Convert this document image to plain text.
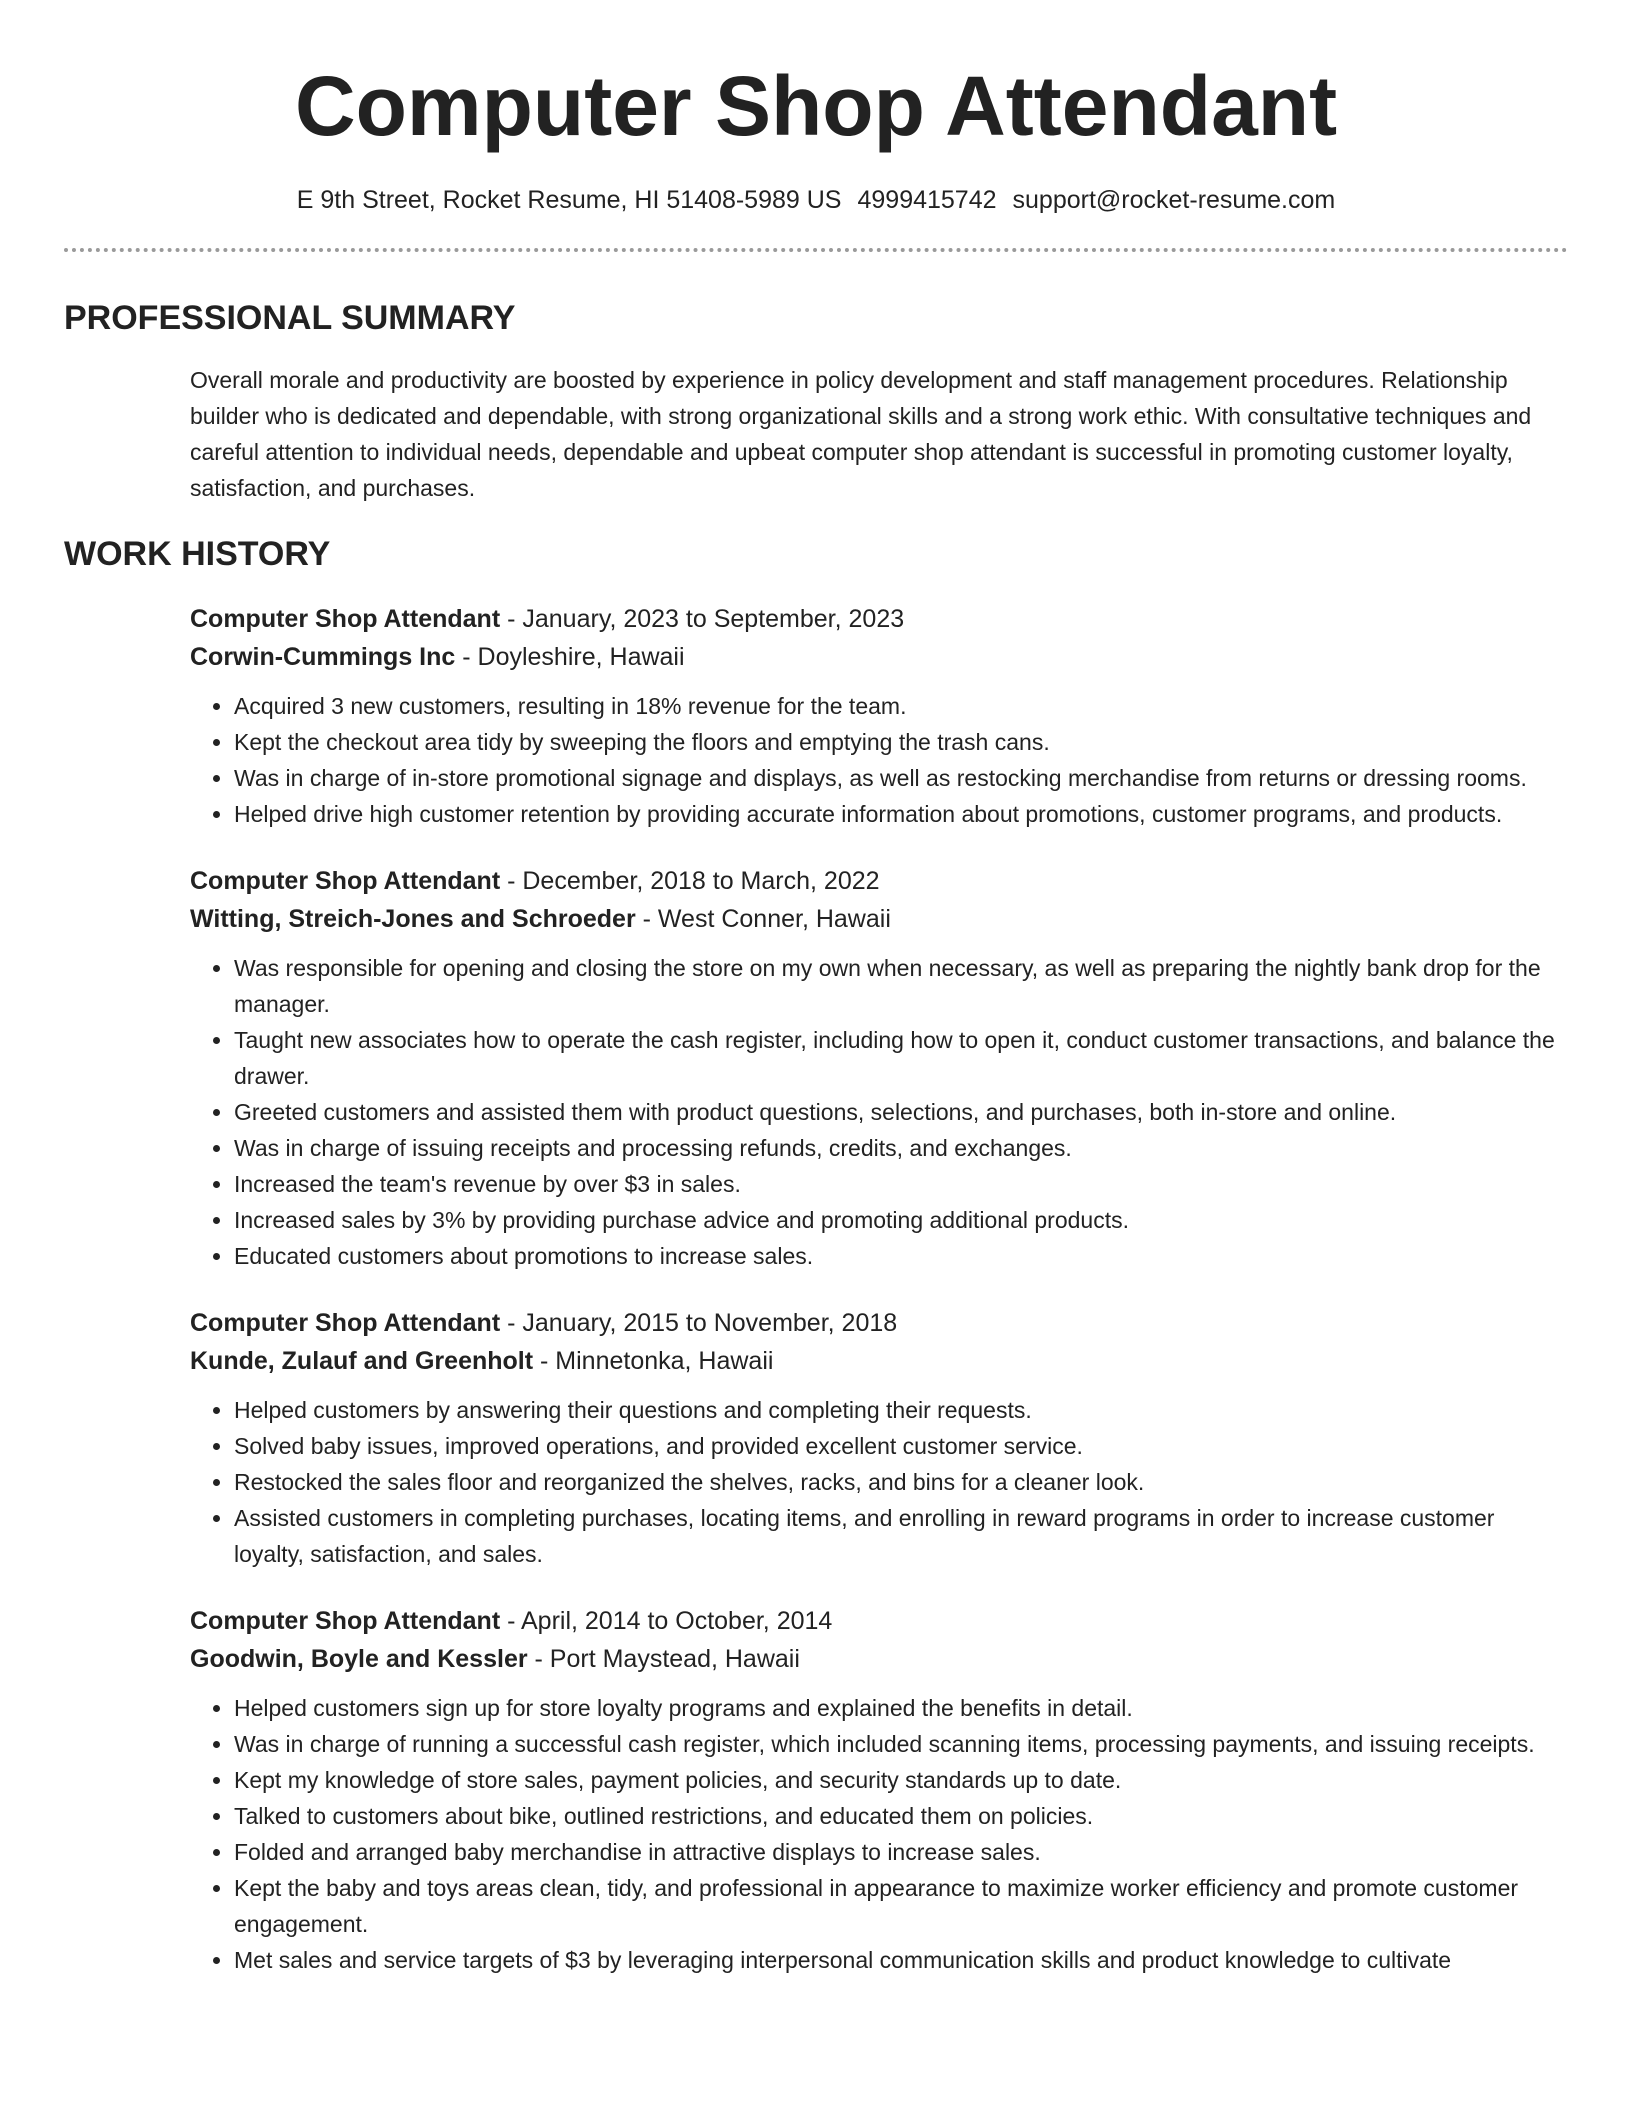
Computer Shop Attendant
E 9th Street, Rocket Resume, HI 51408-5989 US 4999415742 support@rocket-resume.com
PROFESSIONAL SUMMARY

Overall morale and productivity are boosted by experience in policy development and staff management procedures. Relationship builder who is dedicated and dependable, with strong organizational skills and a strong work ethic. With consultative techniques and careful attention to individual needs, dependable and upbeat computer shop attendant is successful in promoting customer loyalty, satisfaction, and purchases.

WORK HISTORY
Computer Shop Attendant - January, 2023 to September, 2023
Corwin-Cummings Inc - Doyleshire, Hawaii
• Acquired 3 new customers, resulting in 18% revenue for the team.
• Kept the checkout area tidy by sweeping the floors and emptying the trash cans.
• Was in charge of in-store promotional signage and displays, as well as restocking merchandise from returns or dressing rooms.
• Helped drive high customer retention by providing accurate information about promotions, customer programs, and products.
Computer Shop Attendant - December, 2018 to March, 2022
Witting, Streich-Jones and Schroeder - West Conner, Hawaii
• Was responsible for opening and closing the store on my own when necessary, as well as preparing the nightly bank drop for the manager.
• Taught new associates how to operate the cash register, including how to open it, conduct customer transactions, and balance the drawer.
• Greeted customers and assisted them with product questions, selections, and purchases, both in-store and online.
• Was in charge of issuing receipts and processing refunds, credits, and exchanges.
• Increased the team's revenue by over $3 in sales.
• Increased sales by 3% by providing purchase advice and promoting additional products.
• Educated customers about promotions to increase sales.
Computer Shop Attendant - January, 2015 to November, 2018
Kunde, Zulauf and Greenholt - Minnetonka, Hawaii
• Helped customers by answering their questions and completing their requests.
• Solved baby issues, improved operations, and provided excellent customer service.
• Restocked the sales floor and reorganized the shelves, racks, and bins for a cleaner look.
• Assisted customers in completing purchases, locating items, and enrolling in reward programs in order to increase customer loyalty, satisfaction, and sales.
Computer Shop Attendant - April, 2014 to October, 2014
Goodwin, Boyle and Kessler - Port Maystead, Hawaii
• Helped customers sign up for store loyalty programs and explained the benefits in detail.
• Was in charge of running a successful cash register, which included scanning items, processing payments, and issuing receipts.
• Kept my knowledge of store sales, payment policies, and security standards up to date.
• Talked to customers about bike, outlined restrictions, and educated them on policies.
• Folded and arranged baby merchandise in attractive displays to increase sales.
• Kept the baby and toys areas clean, tidy, and professional in appearance to maximize worker efficiency and promote customer engagement.
• Met sales and service targets of $3 by leveraging interpersonal communication skills and product knowledge to cultivate
